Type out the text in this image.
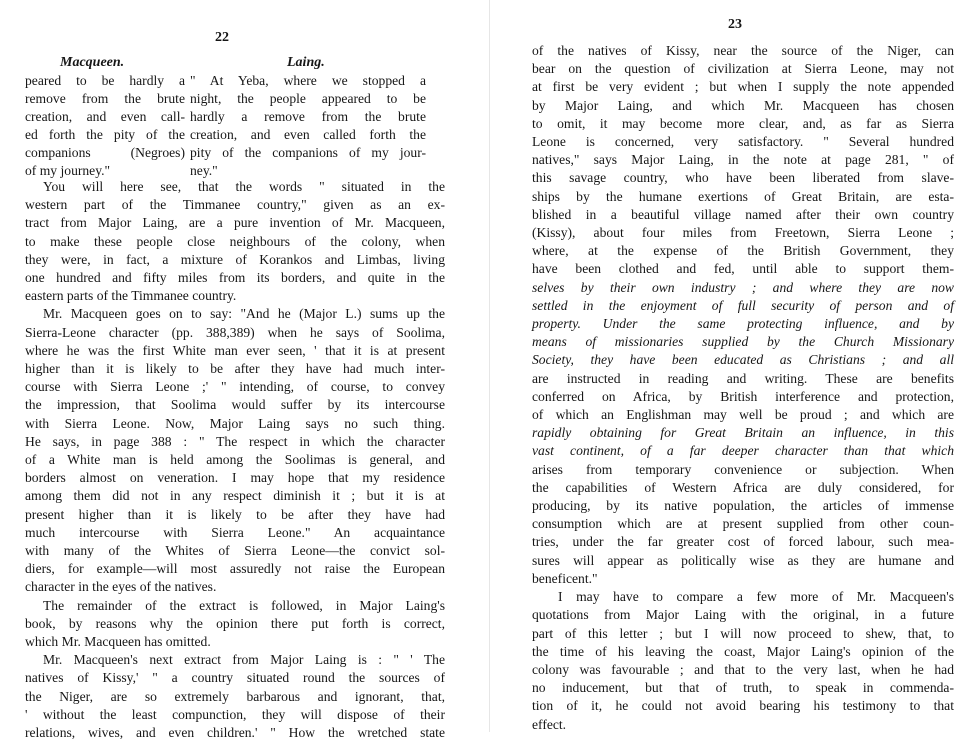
22
Macqueen.	Laing.
peared to be hardly a
remove from the brute
creation, and even call-
ed forth the pity of the
companions (Negroes)
of my journey."
" At Yeba, where we stopped a
night, the people appeared to be
hardly a remove from the brute
creation, and even called forth the
pity of the companions of my jour-
ney."
You will here see, that the words " situated in the
western part of the Timmanee country," given as an ex-
tract from Major Laing, are a pure invention of Mr. Macqueen,
to make these people close neighbours of the colony, when
they were, in fact, a mixture of Korankos and Limbas, living
one hundred and fifty miles from its borders, and quite in the
eastern parts of the Timmanee country.
Mr. Macqueen goes on to say: "And he (Major L.) sums up the
Sierra-Leone character (pp. 388,389) when he says of Soolima,
where he was the first White man ever seen, ' that it is at present
higher than it is likely to be after they have had much inter-
course with Sierra Leone ;' " intending, of course, to convey
the impression, that Soolima would suffer by its intercourse
with Sierra Leone. Now, Major Laing says no such thing.
He says, in page 388 : " The respect in which the character
of a White man is held among the Soolimas is general, and
borders almost on veneration. I may hope that my residence
among them did not in any respect diminish it ; but it is at
present higher than it is likely to be after they have had
much intercourse with Sierra Leone." An acquaintance
with many of the Whites of Sierra Leone—the convict sol-
diers, for example—will most assuredly not raise the European
character in the eyes of the natives.
The remainder of the extract is followed, in Major Laing's
book, by reasons why the opinion there put forth is correct,
which Mr. Macqueen has omitted.
Mr. Macqueen's next extract from Major Laing is : " ' The
natives of Kissy,' " a country situated round the sources of
the Niger, are so extremely barbarous and ignorant, that,
' without the least compunction, they will dispose of their
relations, wives, and even children.' " How the wretched state
23
of the natives of Kissy, near the source of the Niger, can
bear on the question of civilization at Sierra Leone, may not
at first be very evident ; but when I supply the note appended
by Major Laing, and which Mr. Macqueen has chosen
to omit, it may become more clear, and, as far as Sierra
Leone is concerned, very satisfactory. " Several hundred
natives," says Major Laing, in the note at page 281, " of
this savage country, who have been liberated from slave-
ships by the humane exertions of Great Britain, are esta-
blished in a beautiful village named after their own country
(Kissy), about four miles from Freetown, Sierra Leone ;
where, at the expense of the British Government, they
have been clothed and fed, until able to support them-
selves by their own industry ; and where they are now
settled in the enjoyment of full security of person and of
property. Under the same protecting influence, and by
means of missionaries supplied by the Church Missionary
Society, they have been educated as Christians ; and all
are instructed in reading and writing. These are benefits
conferred on Africa, by British interference and protection,
of which an Englishman may well be proud ; and which are
rapidly obtaining for Great Britain an influence, in this
vast continent, of a far deeper character than that which
arises from temporary convenience or subjection. When
the capabilities of Western Africa are duly considered, for
producing, by its native population, the articles of immense
consumption which are at present supplied from other coun-
tries, under the far greater cost of forced labour, such mea-
sures will appear as politically wise as they are humane and
beneficent."
I may have to compare a few more of Mr. Macqueen's
quotations from Major Laing with the original, in a future
part of this letter ; but I will now proceed to shew, that, to
the time of his leaving the coast, Major Laing's opinion of the
colony was favourable ; and that to the very last, when he had
no inducement, but that of truth, to speak in commenda-
tion of it, he could not avoid bearing his testimony to that
effect.
